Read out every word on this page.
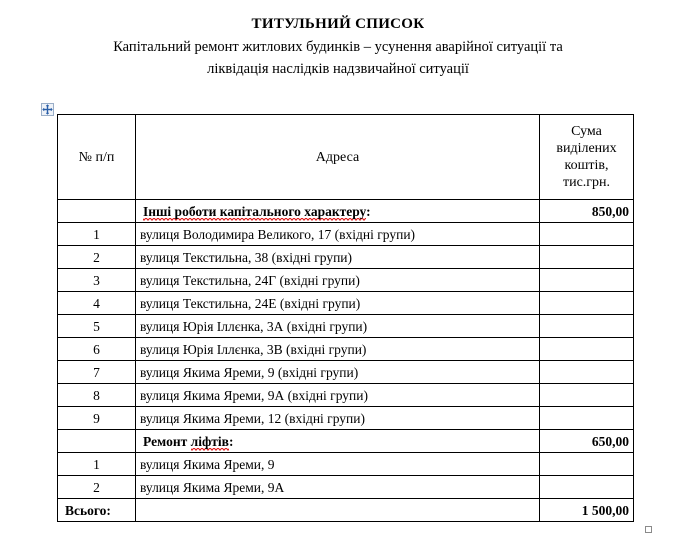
ТИТУЛЬНИЙ СПИСОК
Капітальний ремонт житлових будинків – усунення аварійної ситуації та
ліквідація наслідків надзвичайної ситуації
№ п/п	Адреса	Сума
виділених
коштів,
тис.грн.

	Інші роботи капітального характеру:	850,00
1	вулиця Володимира Великого, 17 (вхідні групи)	
2	вулиця Текстильна, 38 (вхідні групи)	
3	вулиця Текстильна, 24Г (вхідні групи)	
4	вулиця Текстильна, 24Е (вхідні групи)	
5	вулиця Юрія Іллєнка, 3А (вхідні групи)	
6	вулиця Юрія Іллєнка, 3В (вхідні групи)	
7	вулиця Якима Яреми, 9 (вхідні групи)	
8	вулиця Якима Яреми, 9А (вхідні групи)	
9	вулиця Якима Яреми, 12 (вхідні групи)	
	Ремонт ліфтів:	650,00
1	вулиця Якима Яреми, 9	
2	вулиця Якима Яреми, 9А	
Всього:		1 500,00
